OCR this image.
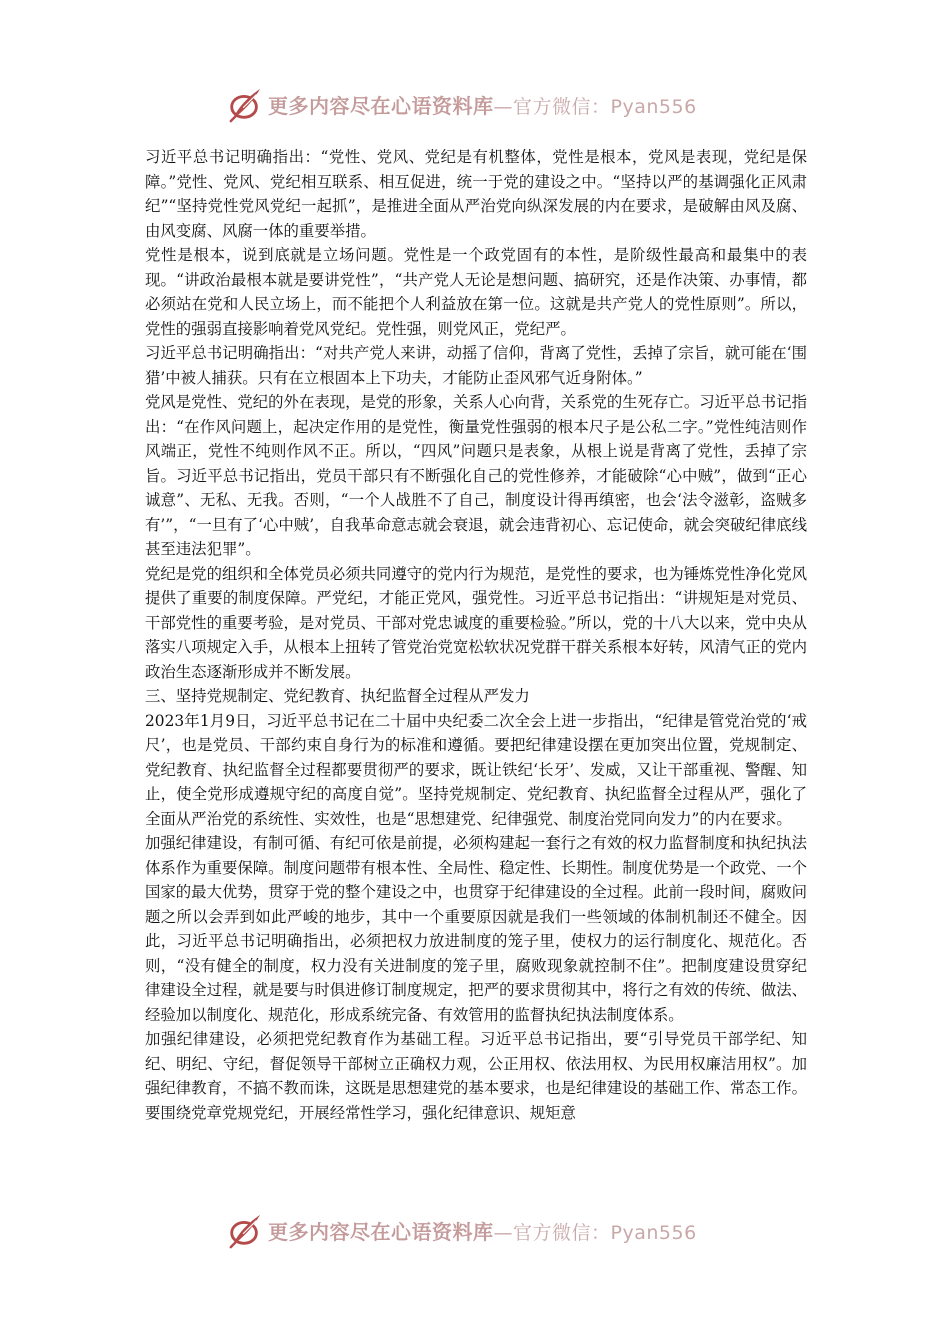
更多内容尽在心语资料库—官方微信：Pyan556

习近平总书记明确指出：“党性、党风、党纪是有机整体，党性是根本，党风是表现，党纪是保障。”党性、党风、党纪相互联系、相互促进，统一于党的建设之中。“坚持以严的基调强化正风肃纪”“坚持党性党风党纪一起抓”，是推进全面从严治党向纵深发展的内在要求，是破解由风及腐、由风变腐、风腐一体的重要举措。

党性是根本，说到底就是立场问题。党性是一个政党固有的本性，是阶级性最高和最集中的表现。“讲政治最根本就是要讲党性”，“共产党人无论是想问题、搞研究，还是作决策、办事情，都必须站在党和人民立场上，而不能把个人利益放在第一位。这就是共产党人的党性原则”。所以，党性的强弱直接影响着党风党纪。党性强，则党风正，党纪严。

习近平总书记明确指出：“对共产党人来讲，动摇了信仰，背离了党性，丢掉了宗旨，就可能在‘围猎’中被人捕获。只有在立根固本上下功夫，才能防止歪风邪气近身附体。”

党风是党性、党纪的外在表现，是党的形象，关系人心向背，关系党的生死存亡。习近平总书记指出：“在作风问题上，起决定作用的是党性，衡量党性强弱的根本尺子是公私二字。”党性纯洁则作风端正，党性不纯则作风不正。所以，“四风”问题只是表象，从根上说是背离了党性，丢掉了宗旨。习近平总书记指出，党员干部只有不断强化自己的党性修养，才能破除“心中贼”，做到“正心诚意”、无私、无我。否则，“一个人战胜不了自己，制度设计得再缜密，也会‘法令滋彰，盗贼多有’”，“一旦有了‘心中贼’，自我革命意志就会衰退，就会违背初心、忘记使命，就会突破纪律底线甚至违法犯罪”。

党纪是党的组织和全体党员必须共同遵守的党内行为规范，是党性的要求，也为锤炼党性净化党风提供了重要的制度保障。严党纪，才能正党风，强党性。习近平总书记指出：“讲规矩是对党员、干部党性的重要考验，是对党员、干部对党忠诚度的重要检验。”所以，党的十八大以来，党中央从落实八项规定入手，从根本上扭转了管党治党宽松软状况党群干群关系根本好转，风清气正的党内政治生态逐渐形成并不断发展。

三、坚持党规制定、党纪教育、执纪监督全过程从严发力

2023年1月9日，习近平总书记在二十届中央纪委二次全会上进一步指出，“纪律是管党治党的‘戒尺’，也是党员、干部约束自身行为的标准和遵循。要把纪律建设摆在更加突出位置，党规制定、党纪教育、执纪监督全过程都要贯彻严的要求，既让铁纪‘长牙’、发威，又让干部重视、警醒、知止，使全党形成遵规守纪的高度自觉”。坚持党规制定、党纪教育、执纪监督全过程从严，强化了全面从严治党的系统性、实效性，也是“思想建党、纪律强党、制度治党同向发力”的内在要求。

加强纪律建设，有制可循、有纪可依是前提，必须构建起一套行之有效的权力监督制度和执纪执法体系作为重要保障。制度问题带有根本性、全局性、稳定性、长期性。制度优势是一个政党、一个国家的最大优势，贯穿于党的整个建设之中，也贯穿于纪律建设的全过程。此前一段时间，腐败问题之所以会弄到如此严峻的地步，其中一个重要原因就是我们一些领域的体制机制还不健全。因此，习近平总书记明确指出，必须把权力放进制度的笼子里，使权力的运行制度化、规范化。否则，“没有健全的制度，权力没有关进制度的笼子里，腐败现象就控制不住”。把制度建设贯穿纪律建设全过程，就是要与时俱进修订制度规定，把严的要求贯彻其中，将行之有效的传统、做法、经验加以制度化、规范化，形成系统完备、有效管用的监督执纪执法制度体系。

加强纪律建设，必须把党纪教育作为基础工程。习近平总书记指出，要“引导党员干部学纪、知纪、明纪、守纪，督促领导干部树立正确权力观，公正用权、依法用权、为民用权廉洁用权”。加强纪律教育，不搞不教而诛，这既是思想建党的基本要求，也是纪律建设的基础工作、常态工作。要围绕党章党规党纪，开展经常性学习，强化纪律意识、规矩意

更多内容尽在心语资料库—官方微信：Pyan556
